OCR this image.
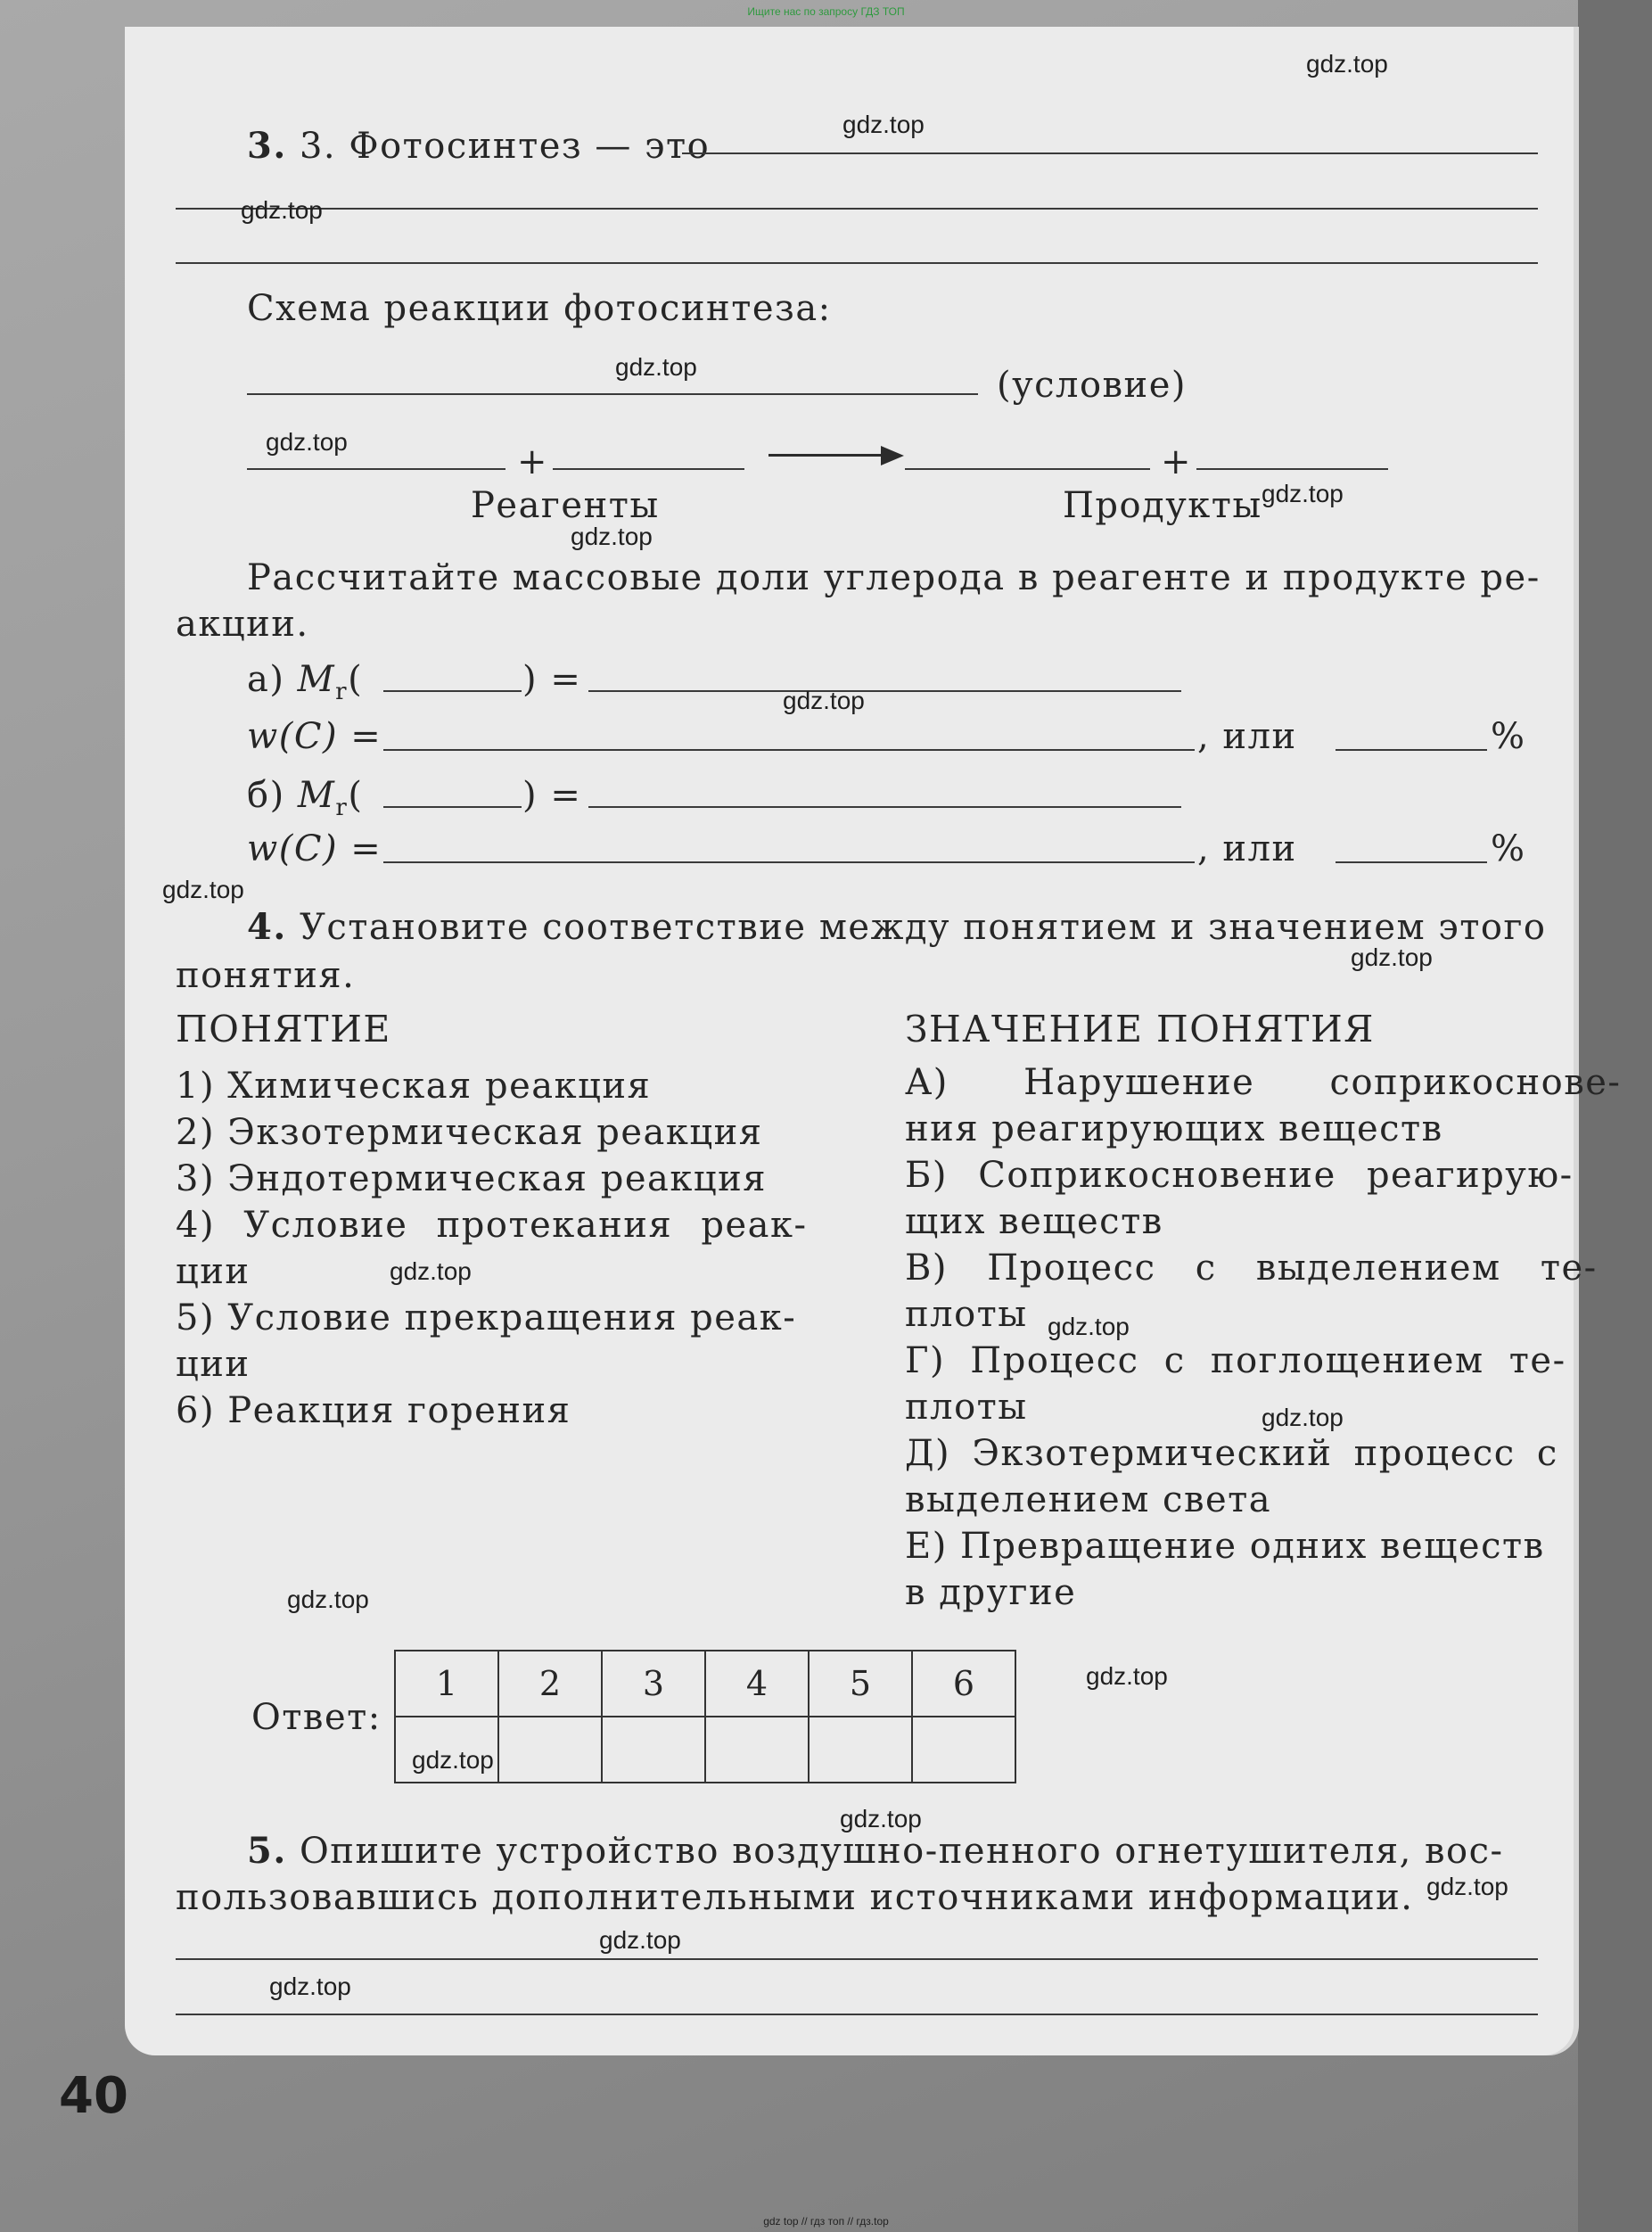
Ищите нас по запросу ГДЗ ТОП
3. 3. Фотосинтез — это
Схема реакции фотосинтеза:
(условие)
+	+
Реагенты	Продукты
Рассчитайте массовые доли углерода в реагенте и продукте ре-
акции.
а) $M_r$(	) =
w(C) =	, или	%
б) $M_r$(	) =
w(C) =	, или	%
4. Установите соответствие между понятием и значением этого
понятия.
ПОНЯТИЕ	ЗНАЧЕНИЕ ПОНЯТИЯ
1) Химическая реакция
2) Экзотермическая реакция
3) Эндотермическая реакция
4) Условие протекания реак-
ции
5) Условие прекращения реак-
ции
6) Реакция горения
А) Нарушение соприкосновe-
ния реагирующих веществ
Б) Соприкосновение реагирую-
щих веществ
В) Процесс с выделением те-
плоты
Г) Процесс с поглощением те-
плоты
Д) Экзотермический процесс с
выделением света
Е) Превращение одних веществ
в другие
Ответ:
1	2	3	4	5	6

5. Опишите устройство воздушно-пенного огнетушителя, вос-
пользовавшись дополнительными источниками информации.
40
gdz.top
gdz.top
gdz.top
gdz.top
gdz.top
gdz.top
gdz.top
gdz.top
gdz.top
gdz.top
gdz.top
gdz.top
gdz.top
gdz.top
gdz.top
gdz.top
gdz.top
gdz.top
gdz.top
gdz.top
gdz top // гдз топ // гдз.top
